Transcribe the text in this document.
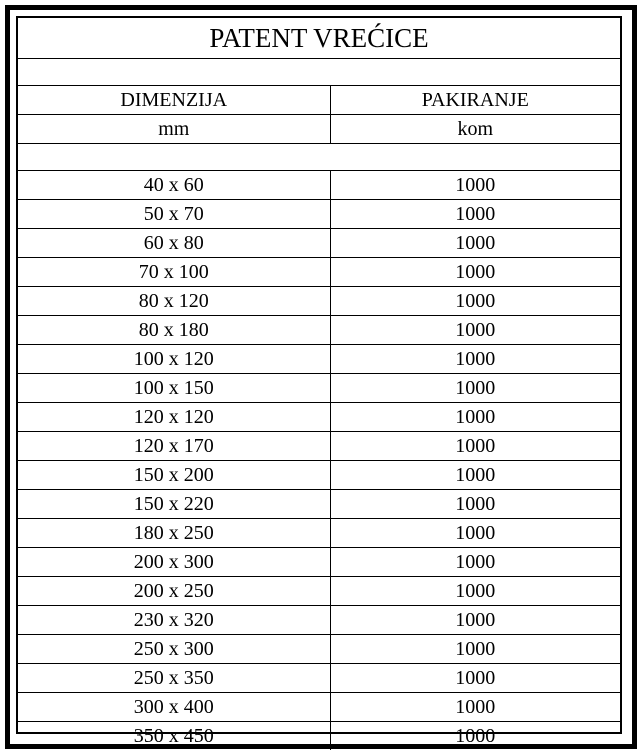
PATENT VREĆICE	

DIMENZIJA	PAKIRANJE
mm	kom

40 x 60	1000
50 x 70	1000
60 x 80	1000
70 x 100	1000
80 x 120	1000
80 x 180	1000
100 x 120	1000
100 x 150	1000
120 x 120	1000
120 x 170	1000
150 x 200	1000
150 x 220	1000
180 x 250	1000
200 x 300	1000
200 x 250	1000
230 x 320	1000
250 x 300	1000
250 x 350	1000
300 x 400	1000
350 x 450	1000
